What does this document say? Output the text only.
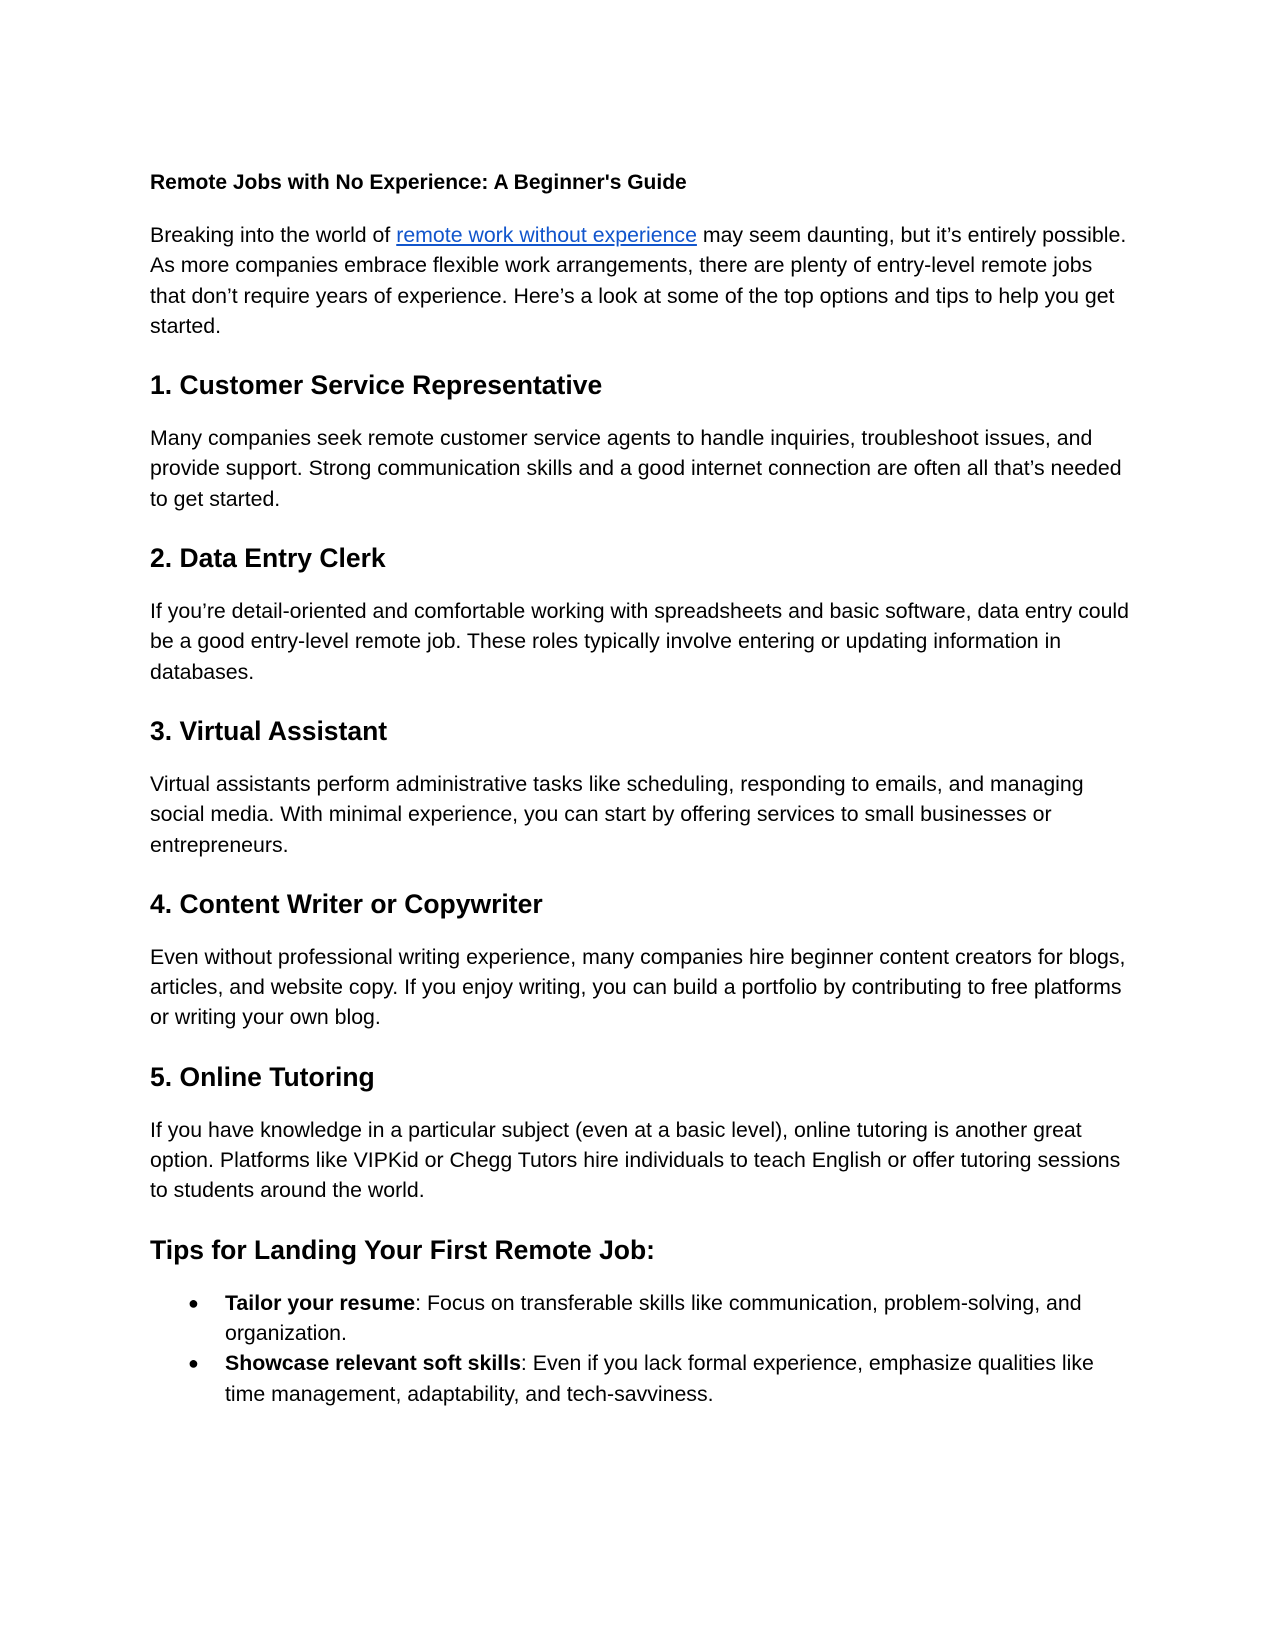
Remote Jobs with No Experience: A Beginner's Guide

Breaking into the world of remote work without experience may seem daunting, but it’s entirely possible. As more companies embrace flexible work arrangements, there are plenty of entry-level remote jobs that don’t require years of experience. Here’s a look at some of the top options and tips to help you get started.

1. Customer Service Representative

Many companies seek remote customer service agents to handle inquiries, troubleshoot issues, and provide support. Strong communication skills and a good internet connection are often all that’s needed to get started.

2. Data Entry Clerk

If you’re detail-oriented and comfortable working with spreadsheets and basic software, data entry could be a good entry-level remote job. These roles typically involve entering or updating information in databases.

3. Virtual Assistant

Virtual assistants perform administrative tasks like scheduling, responding to emails, and managing social media. With minimal experience, you can start by offering services to small businesses or entrepreneurs.

4. Content Writer or Copywriter

Even without professional writing experience, many companies hire beginner content creators for blogs, articles, and website copy. If you enjoy writing, you can build a portfolio by contributing to free platforms or writing your own blog.

5. Online Tutoring

If you have knowledge in a particular subject (even at a basic level), online tutoring is another great option. Platforms like VIPKid or Chegg Tutors hire individuals to teach English or offer tutoring sessions to students around the world.

Tips for Landing Your First Remote Job:
● Tailor your resume: Focus on transferable skills like communication, problem-solving, and organization.
● Showcase relevant soft skills: Even if you lack formal experience, emphasize qualities like time management, adaptability, and tech-savviness.
